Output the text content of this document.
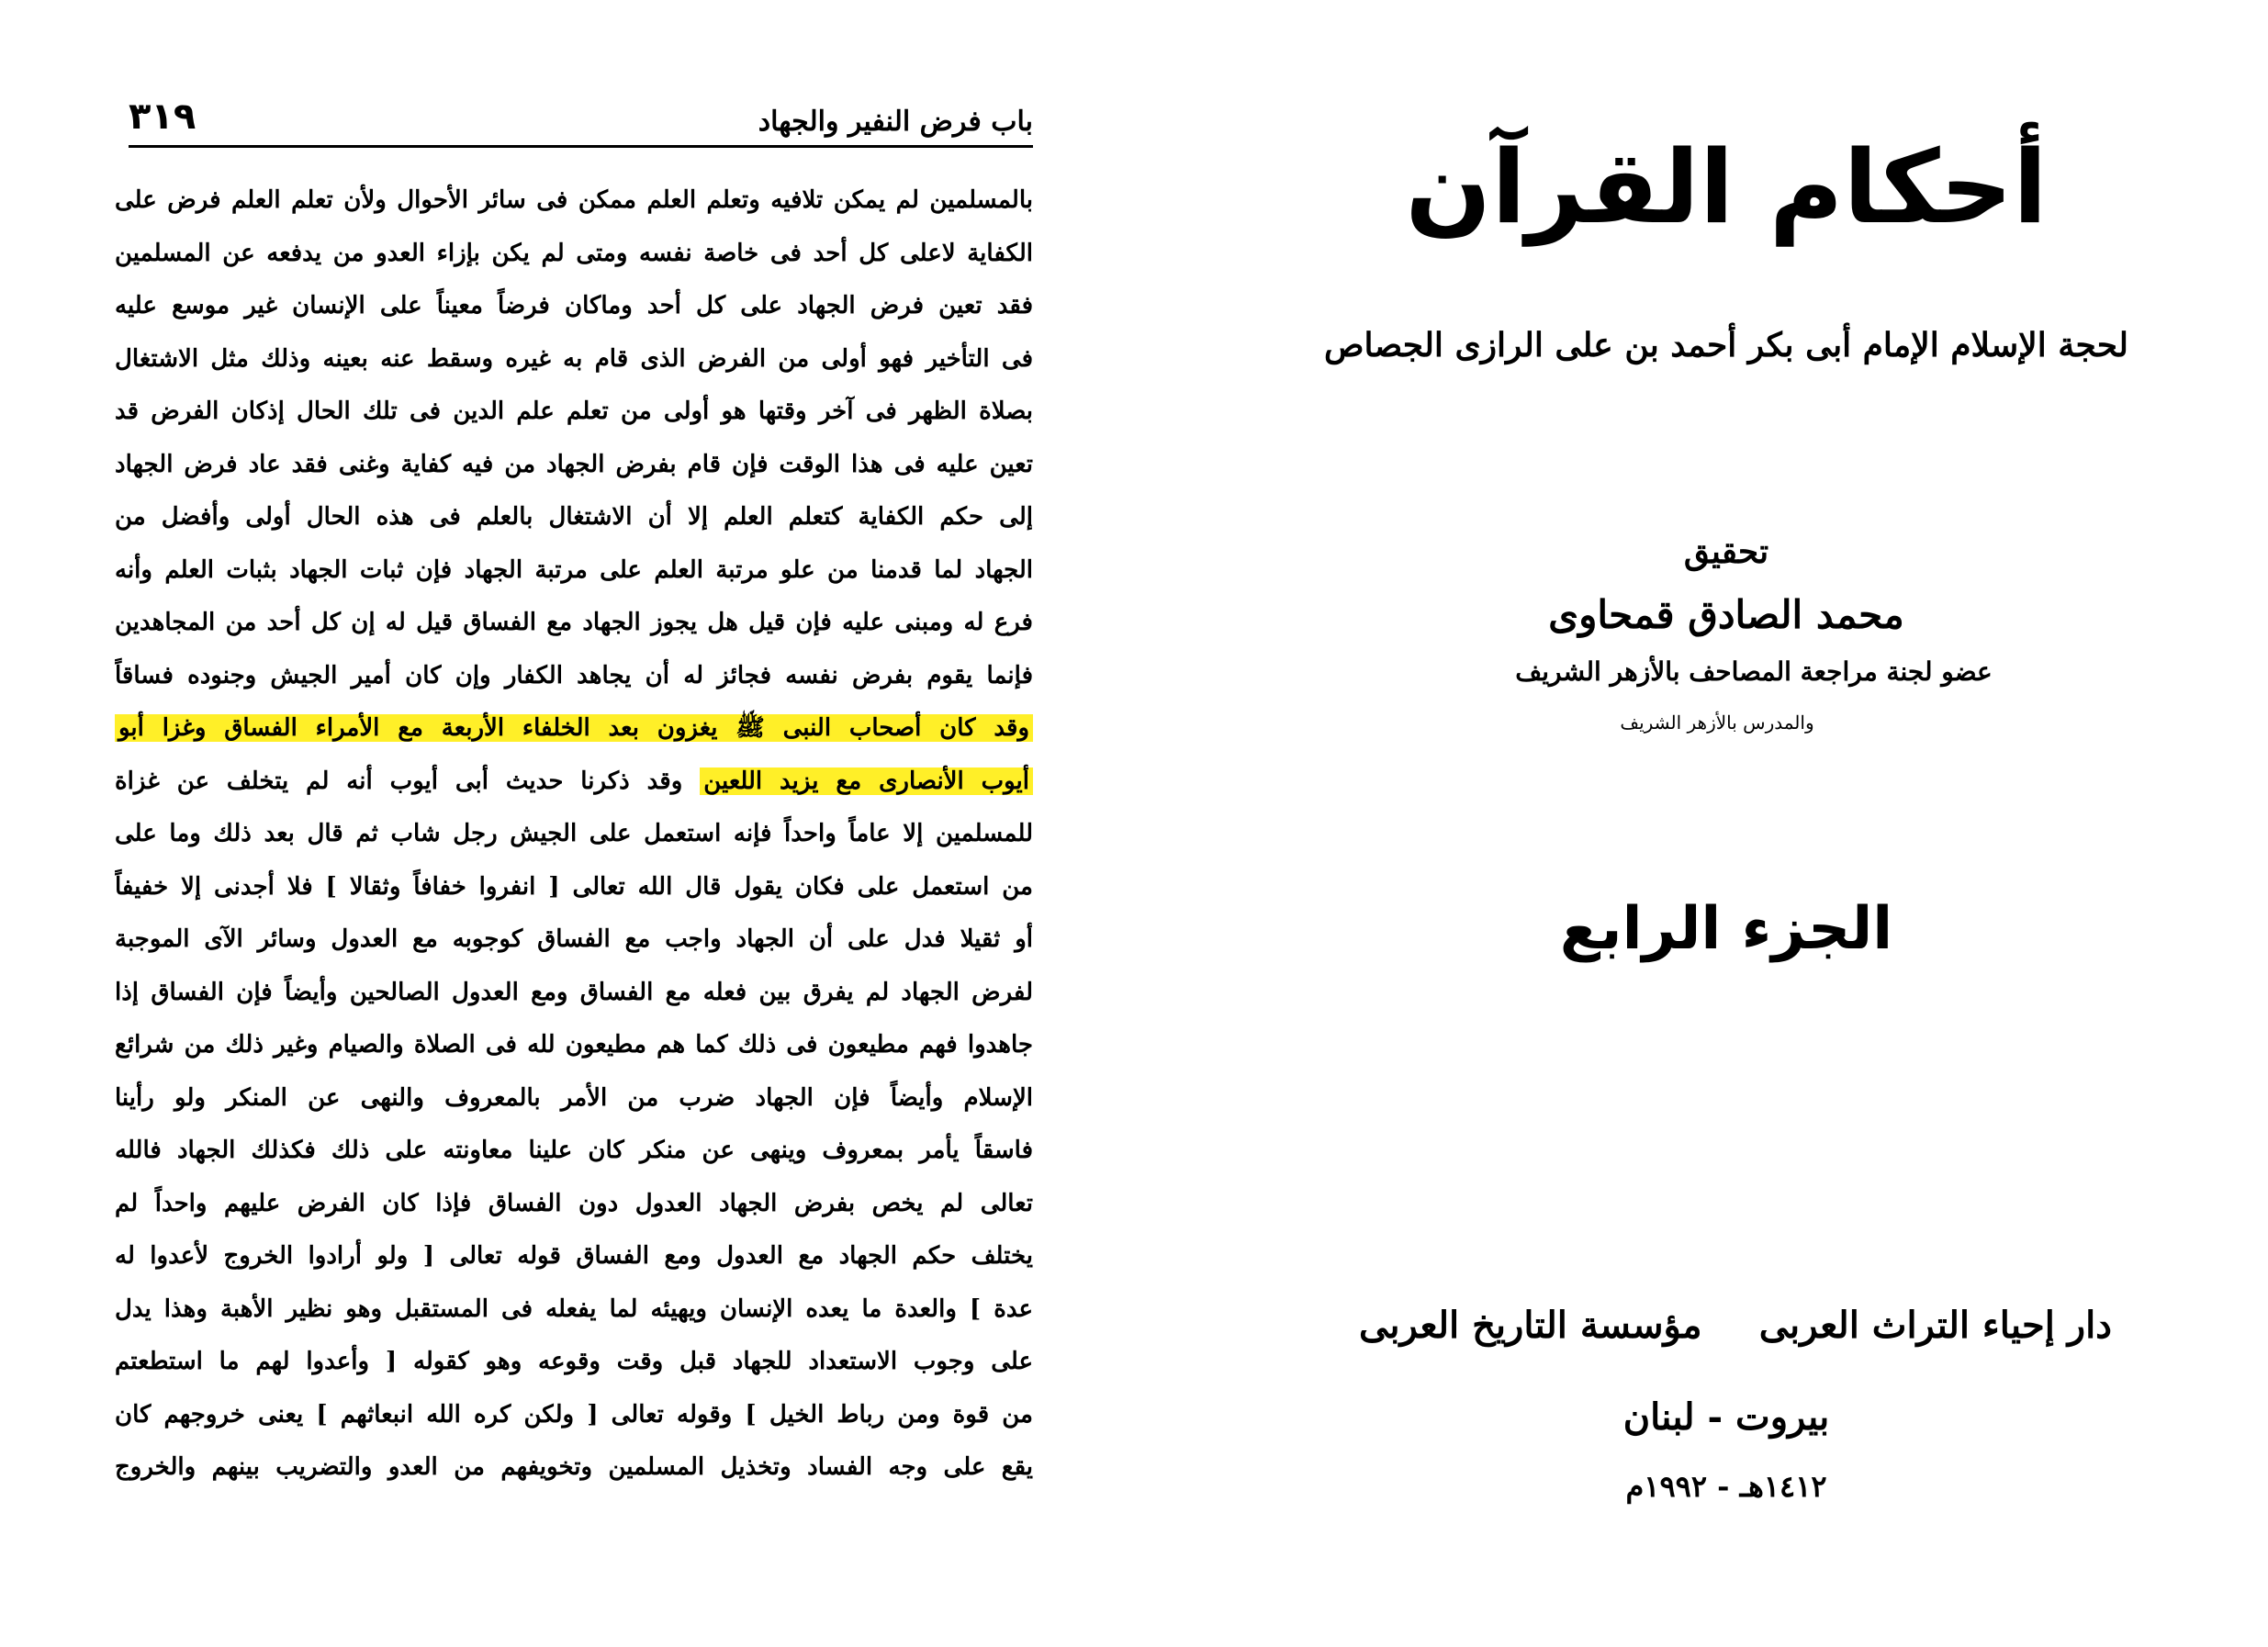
٣١٩	باب فرض النفير والجهاد
بالمسلمين لم يمكن تلافيه وتعلم العلم ممكن فى سائر الأحوال ولأن تعلم العلم فرض على
الكفاية لاعلى كل أحد فى خاصة نفسه ومتى لم يكن بإزاء العدو من يدفعه عن المسلمين
فقد تعين فرض الجهاد على كل أحد وماكان فرضاً معيناً على الإنسان غير موسع عليه
فى التأخير فهو أولى من الفرض الذى قام به غيره وسقط عنه بعينه وذلك مثل الاشتغال
بصلاة الظهر فى آخر وقتها هو أولى من تعلم علم الدين فى تلك الحال إذكان الفرض قد
تعين عليه فى هذا الوقت فإن قام بفرض الجهاد من فيه كفاية وغنى فقد عاد فرض الجهاد
إلى حكم الكفاية كتعلم العلم إلا أن الاشتغال بالعلم فى هذه الحال أولى وأفضل من
الجهاد لما قدمنا من علو مرتبة العلم على مرتبة الجهاد فإن ثبات الجهاد بثبات العلم وأنه
فرع له ومبنى عليه فإن قيل هل يجوز الجهاد مع الفساق قيل له إن كل أحد من المجاهدين
فإنما يقوم بفرض نفسه فجائز له أن يجاهد الكفار وإن كان أمير الجيش وجنوده فساقاً
وقد كان أصحاب النبى ﷺ يغزون بعد الخلفاء الأربعة مع الأمراء الفساق وغزا أبو
أيوب الأنصارى مع يزيد اللعين وقد ذكرنا حديث أبى أيوب أنه لم يتخلف عن غزاة
للمسلمين إلا عاماً واحداً فإنه استعمل على الجيش رجل شاب ثم قال بعد ذلك وما على
من استعمل على فكان يقول قال الله تعالى [ انفروا خفافاً وثقالا ] فلا أجدنى إلا خفيفاً
أو ثقيلا فدل على أن الجهاد واجب مع الفساق كوجوبه مع العدول وسائر الآى الموجبة
لفرض الجهاد لم يفرق بين فعله مع الفساق ومع العدول الصالحين وأيضاً فإن الفساق إذا
جاهدوا فهم مطيعون فى ذلك كما هم مطيعون لله فى الصلاة والصيام وغير ذلك من شرائع
الإسلام وأيضاً فإن الجهاد ضرب من الأمر بالمعروف والنهى عن المنكر ولو رأينا
فاسقاً يأمر بمعروف وينهى عن منكر كان علينا معاونته على ذلك فكذلك الجهاد فالله
تعالى لم يخص بفرض الجهاد العدول دون الفساق فإذا كان الفرض عليهم واحداً لم
يختلف حكم الجهاد مع العدول ومع الفساق قوله تعالى [ ولو أرادوا الخروج لأعدوا له
عدة ] والعدة ما يعده الإنسان ويهيئه لما يفعله فى المستقبل وهو نظير الأهبة وهذا يدل
على وجوب الاستعداد للجهاد قبل وقت وقوعه وهو كقوله [ وأعدوا لهم ما استطعتم
من قوة ومن رباط الخيل ] وقوله تعالى [ ولكن كره الله انبعاثهم ] يعنى خروجهم كان
يقع على وجه الفساد وتخذيل المسلمين وتخويفهم من العدو والتضريب بينهم والخروج
أحكام القرآن
لحجة الإسلام الإمام أبى بكر أحمد بن على الرازى الجصاص
تحقيق
محمد الصادق قمحاوى
عضو لجنة مراجعة المصاحف بالأزهر الشريف
والمدرس بالأزهر الشريف
الجزء الرابع
دار إحياء التراث العربى
مؤسسة التاريخ العربى
بيروت - لبنان
١٤١٢هـ - ١٩٩٢م
